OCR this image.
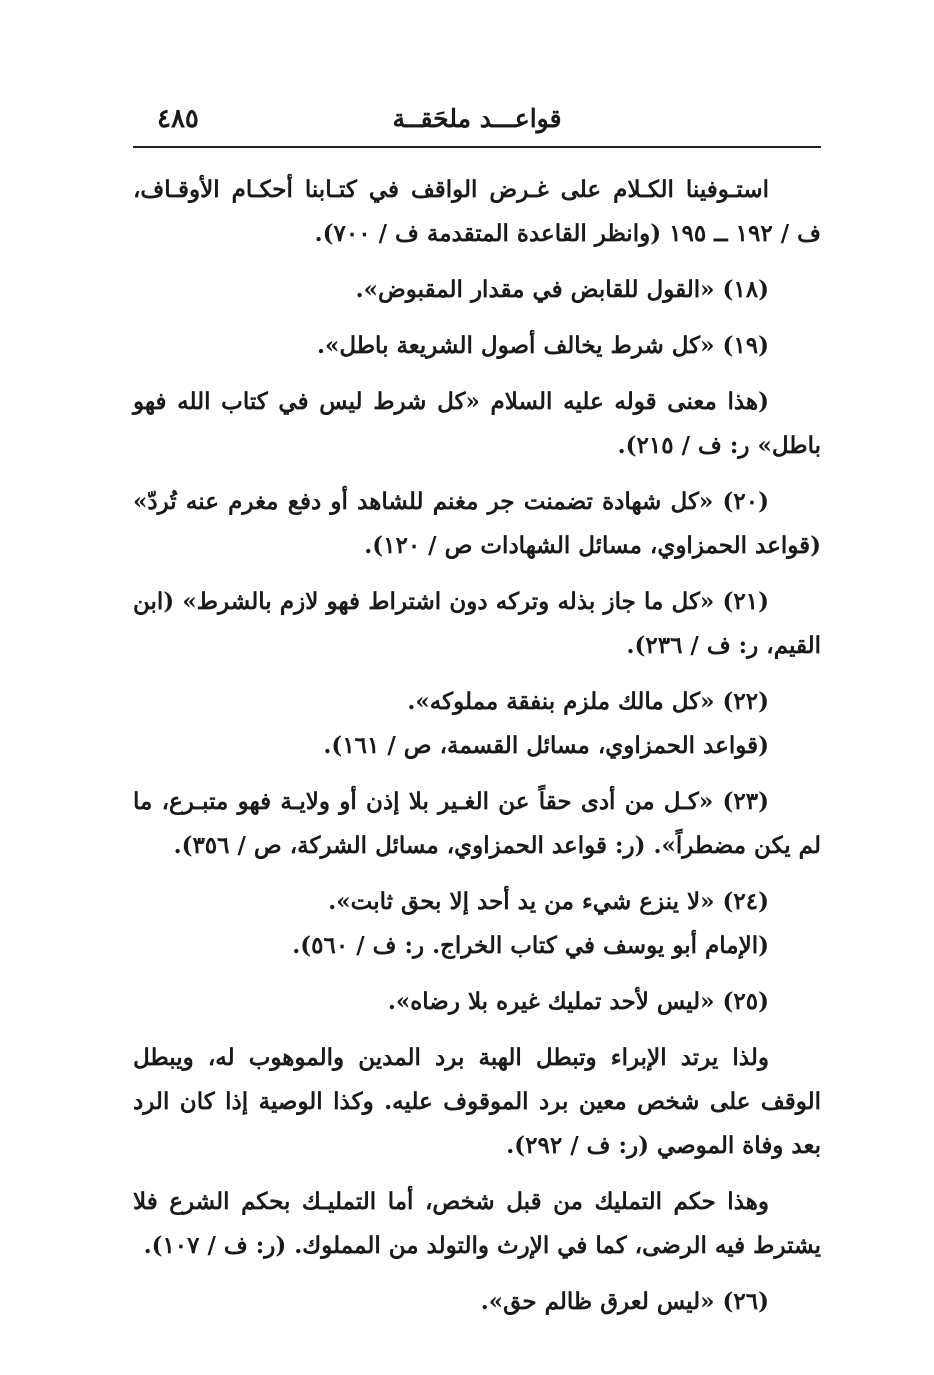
قواعـــد ملحَقــة
٤٨٥

استـوفينا الكـلام على غـرض الواقف في كتـابنا أحكـام الأوقـاف، ف / ١٩٢ ــ ١٩٥ (وانظر القاعدة المتقدمة ف / ٧٠٠).

(١٨) «القول للقابض في مقدار المقبوض».

(١٩) «كل شرط يخالف أصول الشريعة باطل».

(هذا معنى قوله عليه السلام «كل شرط ليس في كتاب الله فهو باطل» ر: ف / ٢١٥).

(٢٠) «كل شهادة تضمنت جر مغنم للشاهد أو دفع مغرم عنه تُردّ» (قواعد الحمزاوي، مسائل الشهادات ص / ١٢٠).

(٢١) «كل ما جاز بذله وتركه دون اشتراط فهو لازم بالشرط» (ابن القيم، ر: ف / ٢٣٦).

(٢٢) «كل مالك ملزم بنفقة مملوكه».

(قواعد الحمزاوي، مسائل القسمة، ص / ١٦١).

(٢٣) «كـل من أدى حقاً عن الغـير بلا إذن أو ولايـة فهو متبـرع، ما لم يكن مضطراً». (ر: قواعد الحمزاوي، مسائل الشركة، ص / ٣٥٦).

(٢٤) «لا ينزع شيء من يد أحد إلا بحق ثابت».

(الإمام أبو يوسف في كتاب الخراج. ر: ف / ٥٦٠).

(٢٥) «ليس لأحد تمليك غيره بلا رضاه».

ولذا يرتد الإبراء وتبطل الهبة برد المدين والموهوب له، ويبطل الوقف على شخص معين برد الموقوف عليه. وكذا الوصية إذا كان الرد بعد وفاة الموصي (ر: ف / ٢٩٢).

وهذا حكم التمليك من قبل شخص، أما التمليـك بحكم الشرع فلا يشترط فيه الرضى، كما في الإرث والتولد من المملوك. (ر: ف / ١٠٧).

(٢٦) «ليس لعرق ظالم حق».
